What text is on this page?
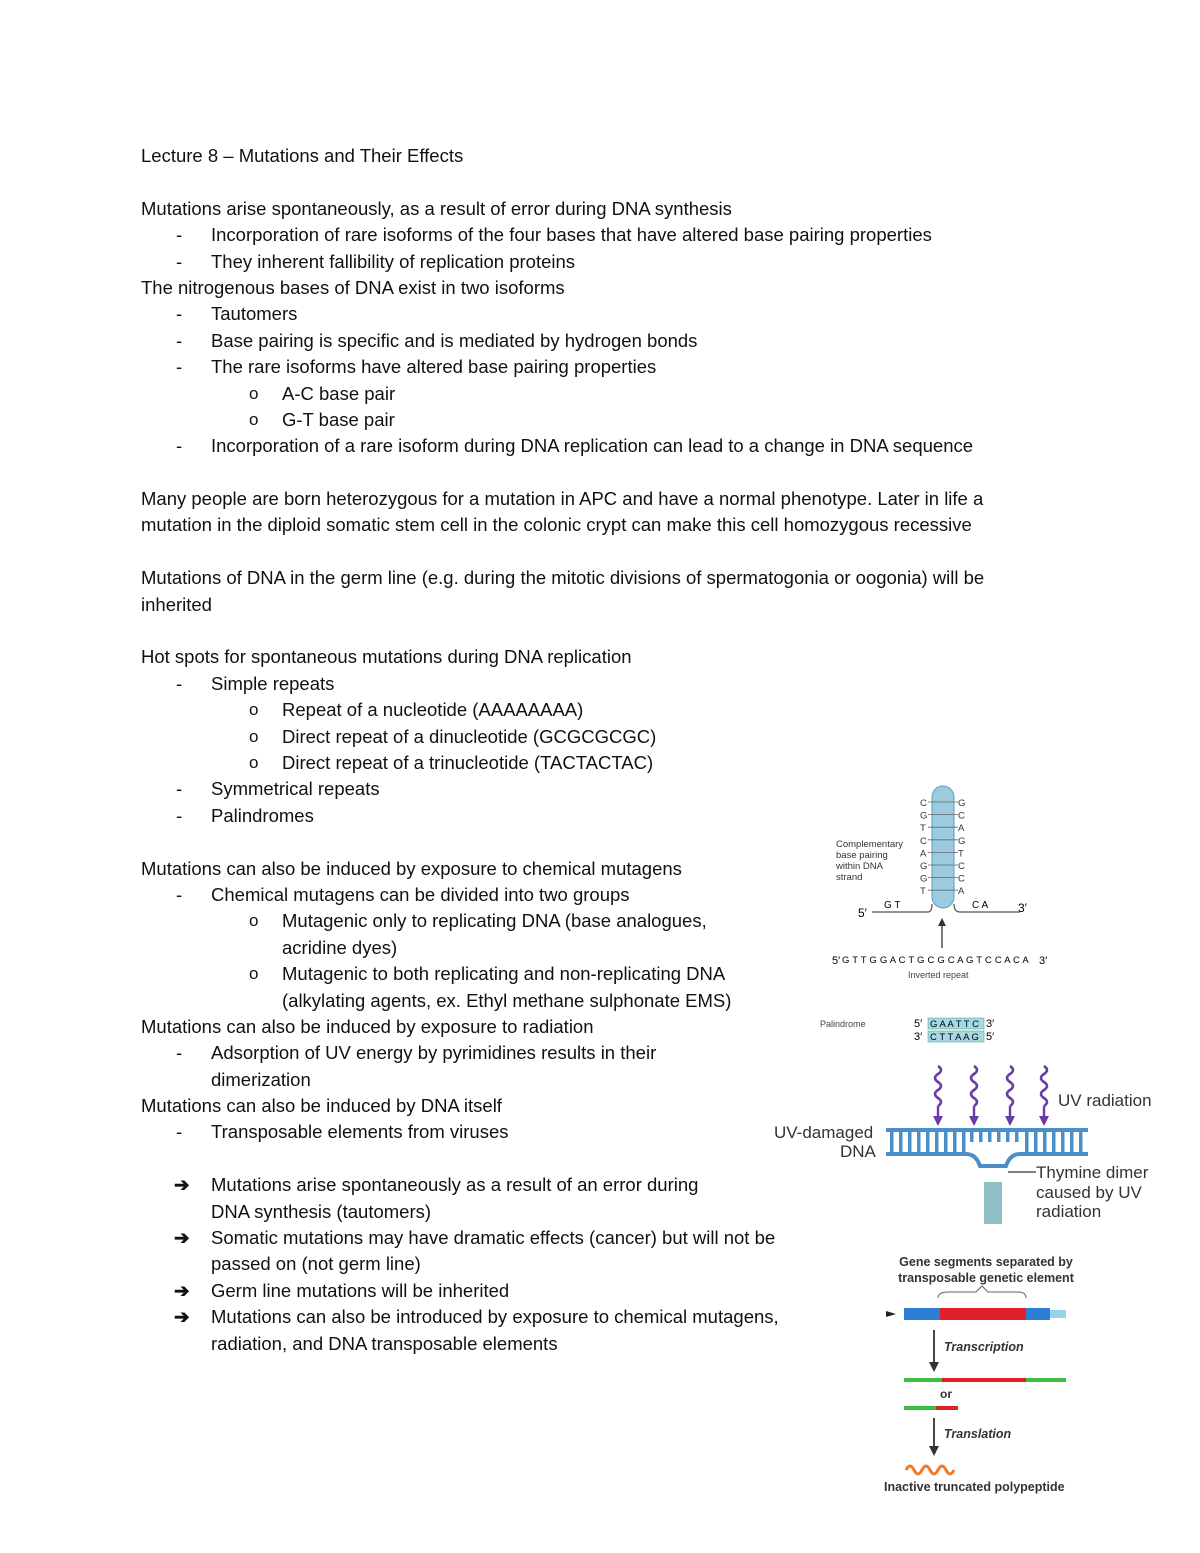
Lecture 8 – Mutations and Their Effects
Mutations arise spontaneously, as a result of error during DNA synthesis
- Incorporation of rare isoforms of the four bases that have altered base pairing properties
- They inherent fallibility of replication proteins
The nitrogenous bases of DNA exist in two isoforms
- Tautomers
- Base pairing is specific and is mediated by hydrogen bonds
- The rare isoforms have altered base pairing properties
o A-C base pair
o G-T base pair
- Incorporation of a rare isoform during DNA replication can lead to a change in DNA sequence
Many people are born heterozygous for a mutation in APC and have a normal phenotype. Later in life a
mutation in the diploid somatic stem cell in the colonic crypt can make this cell homozygous recessive
Mutations of DNA in the germ line (e.g. during the mitotic divisions of spermatogonia or oogonia) will be
inherited
Hot spots for spontaneous mutations during DNA replication
- Simple repeats
o Repeat of a nucleotide (AAAAAAAA)
o Direct repeat of a dinucleotide (GCGCGCGC)
o Direct repeat of a trinucleotide (TACTACTAC)
- Symmetrical repeats
- Palindromes
Mutations can also be induced by exposure to chemical mutagens
- Chemical mutagens can be divided into two groups
o Mutagenic only to replicating DNA (base analogues,
acridine dyes)
o Mutagenic to both replicating and non-replicating DNA
(alkylating agents, ex. Ethyl methane sulphonate EMS)
Mutations can also be induced by exposure to radiation
- Adsorption of UV energy by pyrimidines results in their
dimerization
Mutations can also be induced by DNA itself
- Transposable elements from viruses
➔ Mutations arise spontaneously as a result of an error during
DNA synthesis (tautomers)
➔ Somatic mutations may have dramatic effects (cancer) but will not be
passed on (not germ line)
➔ Germ line mutations will be inherited
➔ Mutations can also be introduced by exposure to chemical mutagens,
radiation, and DNA transposable elements
C
G
T
C
A
G
G
T
G
C
A
G
T
C
C
A
Complementary
base pairing
within DNA
strand
5′
G T	C A 3′
5′ G T T G G A C T G C G C A G T C C A C A 3′
Inverted repeat
Palindrome	5′ G A A T T C 3′
3′ C T T A A G 5′
UV radiation
UV-damaged
DNA
Thymine dimer
caused by UV
radiation
Gene segments separated by
transposable genetic element
Transcription
or
Translation
Inactive truncated polypeptide
